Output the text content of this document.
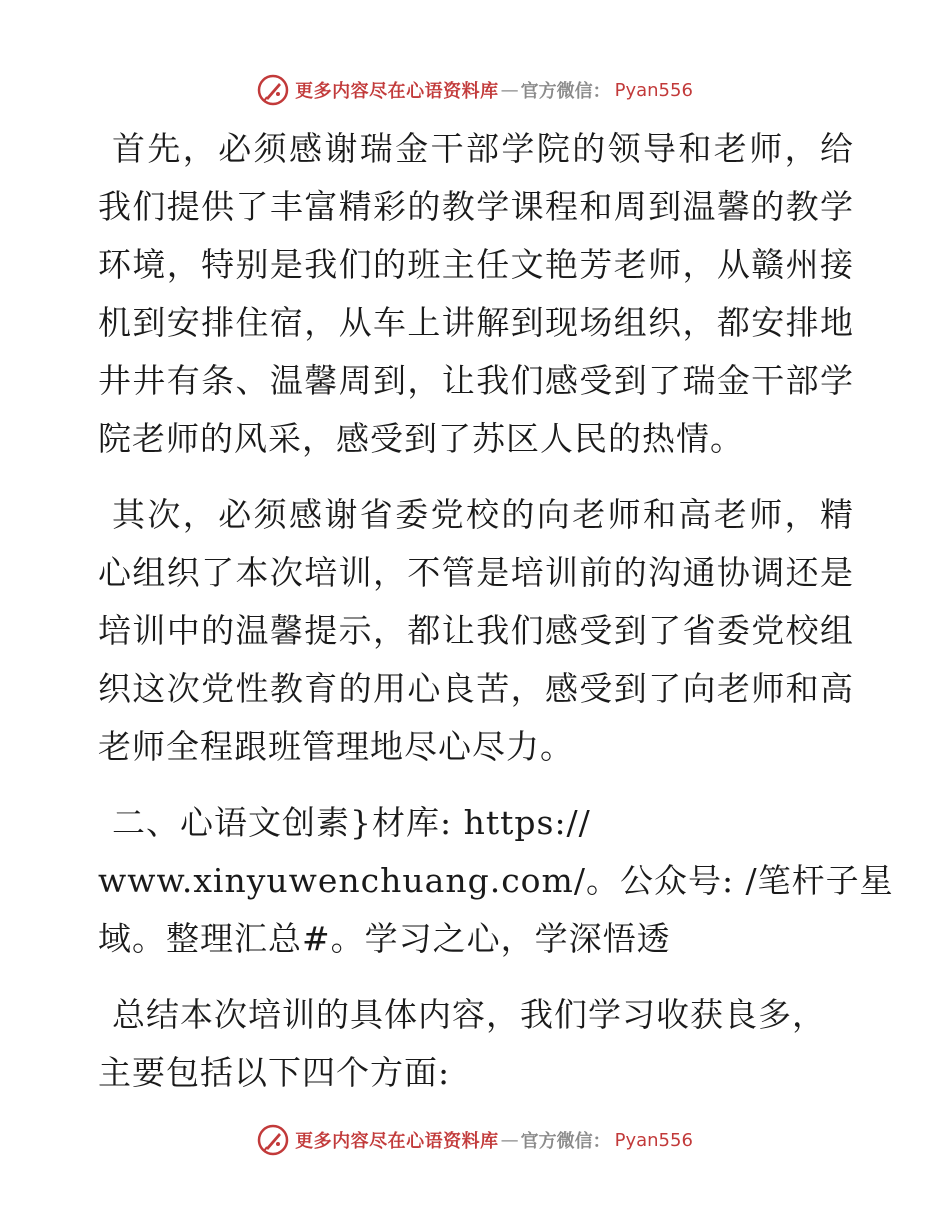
更多内容尽在心语资料库 — 官方微信： Pyan556

首先，必须感谢瑞金干部学院的领导和老师，给我们提供了丰富精彩的教学课程和周到温馨的教学环境，特别是我们的班主任文艳芳老师，从赣州接机到安排住宿，从车上讲解到现场组织，都安排地井井有条、温馨周到，让我们感受到了瑞金干部学院老师的风采，感受到了苏区人民的热情。

其次，必须感谢省委党校的向老师和高老师，精心组织了本次培训，不管是培训前的沟通协调还是培训中的温馨提示，都让我们感受到了省委党校组织这次党性教育的用心良苦，感受到了向老师和高老师全程跟班管理地尽心尽力。

二、心语文创素}材库: https://
www.xinyuwenchuang.com/。公众号: /笔杆子星
域。整理汇总#。学习之心，学深悟透
总结本次培训的具体内容，我们学习收获良多，
主要包括以下四个方面:
更多内容尽在心语资料库 — 官方微信： Pyan556
